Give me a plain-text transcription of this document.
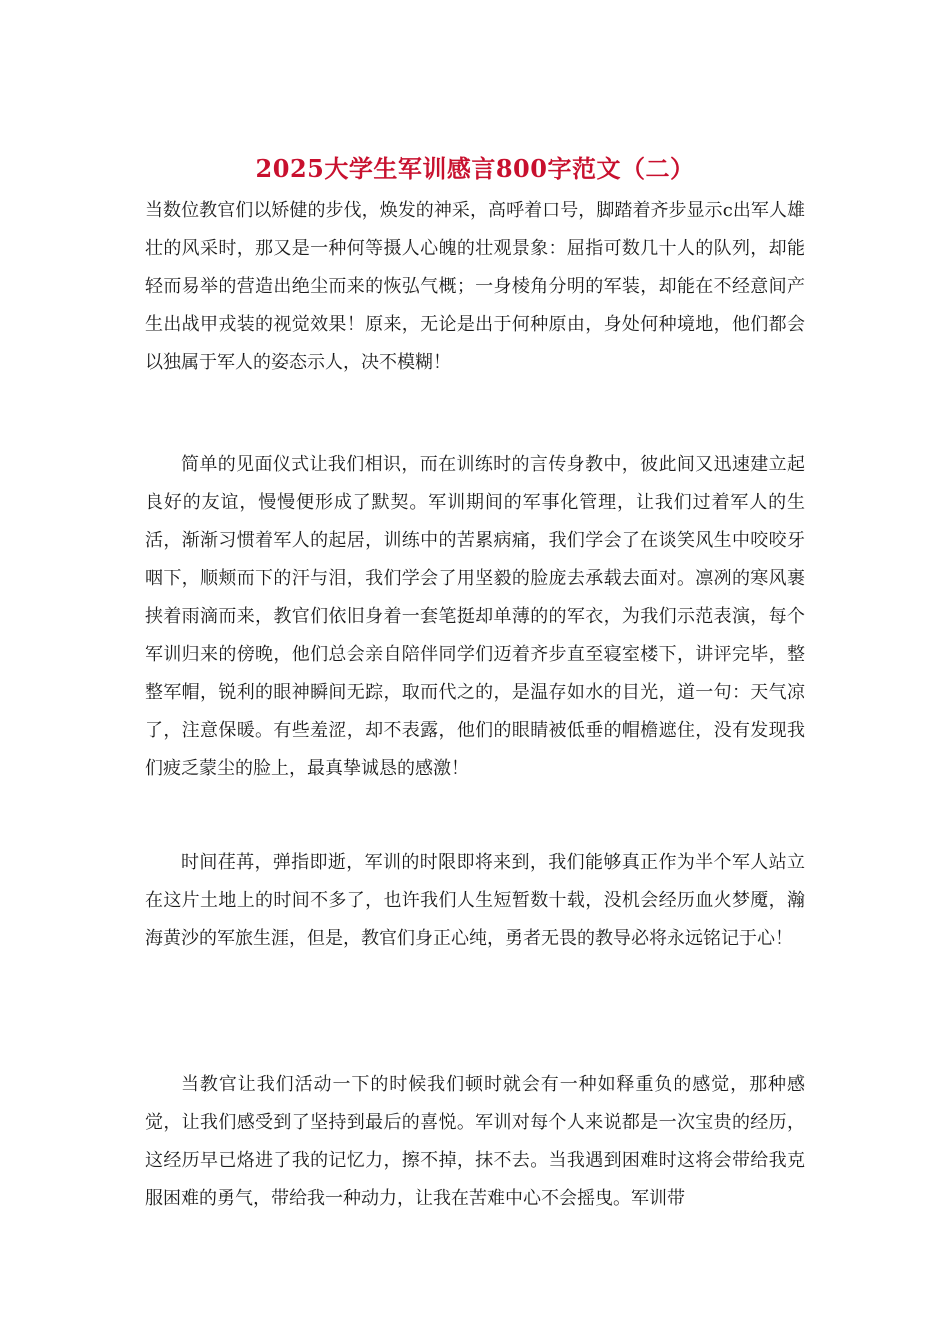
2025大学生军训感言800字范文（二）

当数位教官们以矫健的步伐，焕发的神采，高呼着口号，脚踏着齐步显示c出军人雄壮的风采时，那又是一种何等摄人心魄的壮观景象：屈指可数几十人的队列，却能轻而易举的营造出绝尘而来的恢弘气概；一身棱角分明的军装，却能在不经意间产生出战甲戎装的视觉效果！原来，无论是出于何种原由，身处何种境地，他们都会以独属于军人的姿态示人，决不模糊！

简单的见面仪式让我们相识，而在训练时的言传身教中，彼此间又迅速建立起良好的友谊，慢慢便形成了默契。军训期间的军事化管理，让我们过着军人的生活，渐渐习惯着军人的起居，训练中的苦累病痛，我们学会了在谈笑风生中咬咬牙咽下，顺颊而下的汗与泪，我们学会了用坚毅的脸庞去承载去面对。凛冽的寒风裹挟着雨滴而来，教官们依旧身着一套笔挺却单薄的的军衣，为我们示范表演，每个军训归来的傍晚，他们总会亲自陪伴同学们迈着齐步直至寝室楼下，讲评完毕，整整军帽，锐利的眼神瞬间无踪，取而代之的，是温存如水的目光，道一句：天气凉了，注意保暖。有些羞涩，却不表露，他们的眼睛被低垂的帽檐遮住，没有发现我们疲乏蒙尘的脸上，最真挚诚恳的感激！

时间荏苒，弹指即逝，军训的时限即将来到，我们能够真正作为半个军人站立在这片土地上的时间不多了，也许我们人生短暂数十载，没机会经历血火梦魇，瀚海黄沙的军旅生涯，但是，教官们身正心纯，勇者无畏的教导必将永远铭记于心！

当教官让我们活动一下的时候我们顿时就会有一种如释重负的感觉，那种感觉，让我们感受到了坚持到最后的喜悦。军训对每个人来说都是一次宝贵的经历，这经历早已烙进了我的记忆力，擦不掉，抹不去。当我遇到困难时这将会带给我克服困难的勇气，带给我一种动力，让我在苦难中心不会摇曳。军训带
